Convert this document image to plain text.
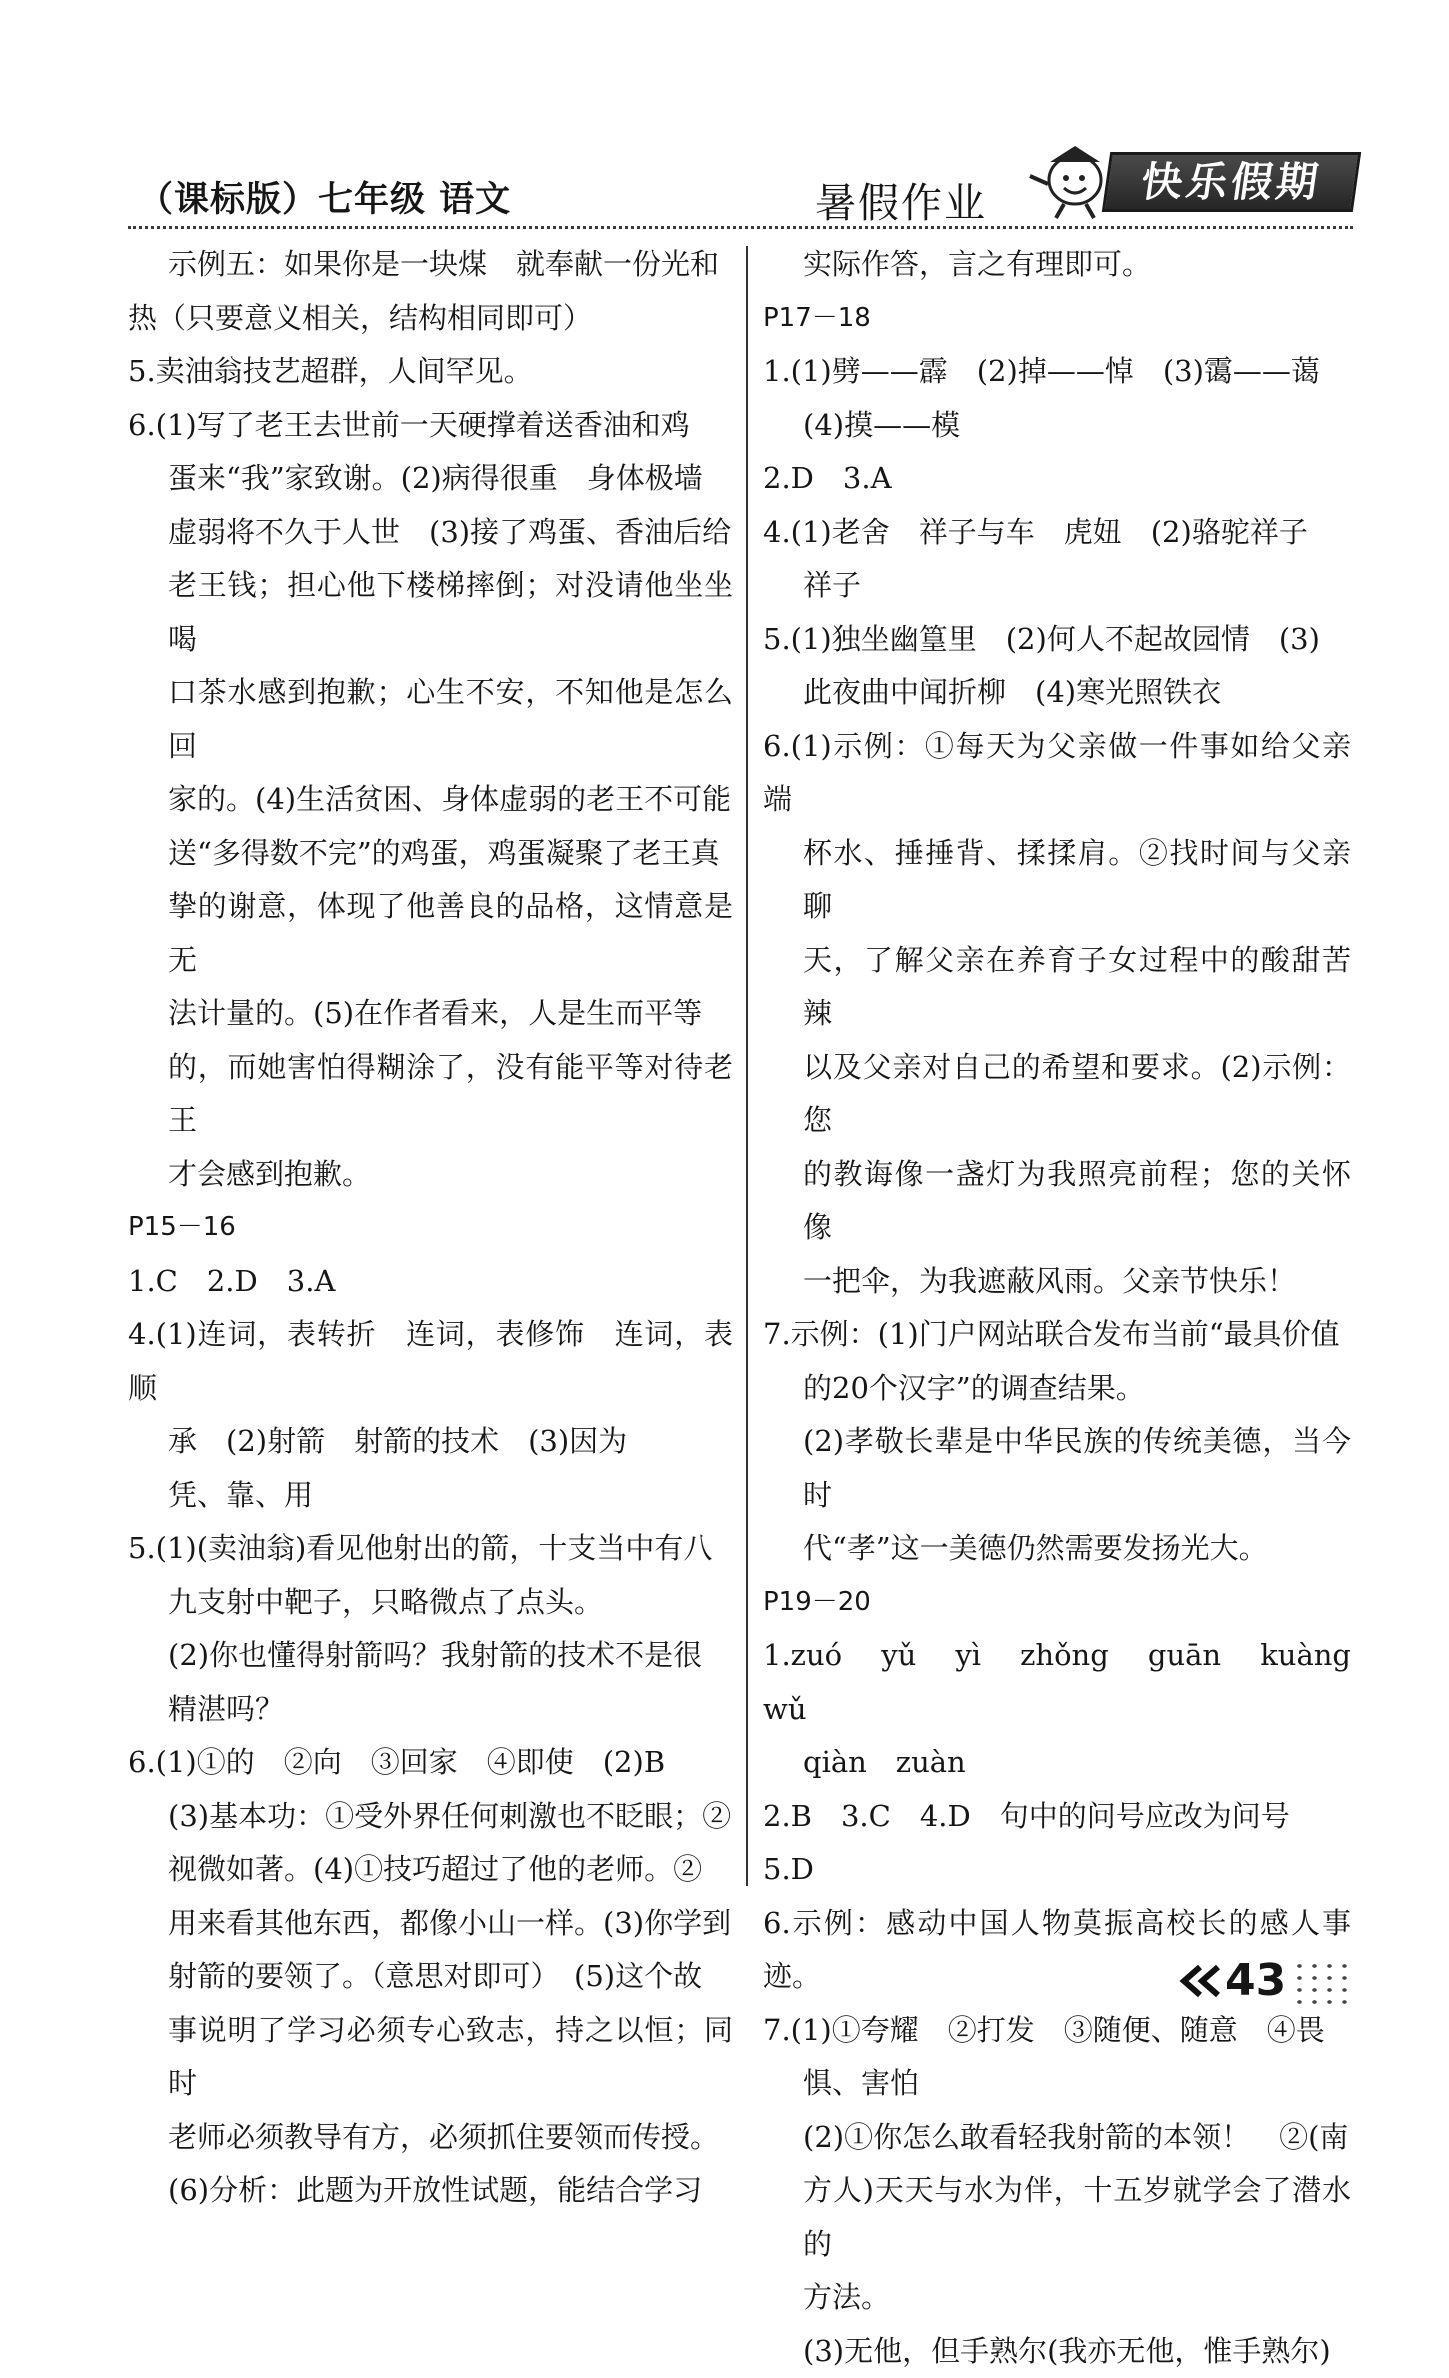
（课标版）七年级 语文	暑假作业	快乐假期

示例五：如果你是一块煤　就奉献一份光和

热（只要意义相关，结构相同即可）

5.卖油翁技艺超群，人间罕见。

6.(1)写了老王去世前一天硬撑着送香油和鸡

蛋来“我”家致谢。(2)病得很重　身体极墙

虚弱将不久于人世　(3)接了鸡蛋、香油后给

老王钱；担心他下楼梯摔倒；对没请他坐坐喝

口茶水感到抱歉；心生不安，不知他是怎么回

家的。(4)生活贫困、身体虚弱的老王不可能

送“多得数不完”的鸡蛋，鸡蛋凝聚了老王真

挚的谢意，体现了他善良的品格，这情意是无

法计量的。(5)在作者看来，人是生而平等

的，而她害怕得糊涂了，没有能平等对待老王

才会感到抱歉。

P15－16

1.C　2.D　3.A

4.(1)连词，表转折　连词，表修饰　连词，表顺

承　(2)射箭　射箭的技术　(3)因为

凭、靠、用

5.(1)(卖油翁)看见他射出的箭，十支当中有八

九支射中靶子，只略微点了点头。

(2)你也懂得射箭吗？我射箭的技术不是很

精湛吗？

6.(1)①的　②向　③回家　④即使　(2)B

(3)基本功：①受外界任何刺激也不眨眼；②

视微如著。(4)①技巧超过了他的老师。②

用来看其他东西，都像小山一样。(3)你学到

射箭的要领了。（意思对即可）　(5)这个故

事说明了学习必须专心致志，持之以恒；同时

老师必须教导有方，必须抓住要领而传授。

(6)分析：此题为开放性试题，能结合学习

实际作答，言之有理即可。

P17－18

1.(1)劈——霹　(2)掉——悼　(3)霭——蔼

(4)摸——模

2.D　3.A

4.(1)老舍　祥子与车　虎妞　(2)骆驼祥子

祥子

5.(1)独坐幽篁里　(2)何人不起故园情　(3)

此夜曲中闻折柳　(4)寒光照铁衣

6.(1)示例：①每天为父亲做一件事如给父亲端

杯水、捶捶背、揉揉肩。②找时间与父亲聊

天，了解父亲在养育子女过程中的酸甜苦辣

以及父亲对自己的希望和要求。(2)示例：您

的教诲像一盏灯为我照亮前程；您的关怀像

一把伞，为我遮蔽风雨。父亲节快乐！

7.示例：(1)门户网站联合发布当前“最具价值

的20个汉字”的调查结果。

(2)孝敬长辈是中华民族的传统美德，当今时

代“孝”这一美德仍然需要发扬光大。

P19－20

1.zuó　yǔ　yì　zhǒng　guān　kuàng　wǔ

qiàn　zuàn

2.B　3.C　4.D　句中的问号应改为问号

5.D

6.示例：感动中国人物莫振高校长的感人事迹。

7.(1)①夸耀　②打发　③随便、随意　④畏

惧、害怕

(2)①你怎么敢看轻我射箭的本领！　②(南

方人)天天与水为伴，十五岁就学会了潜水的

方法。

(3)无他，但手熟尔(我亦无他，惟手熟尔)

43
